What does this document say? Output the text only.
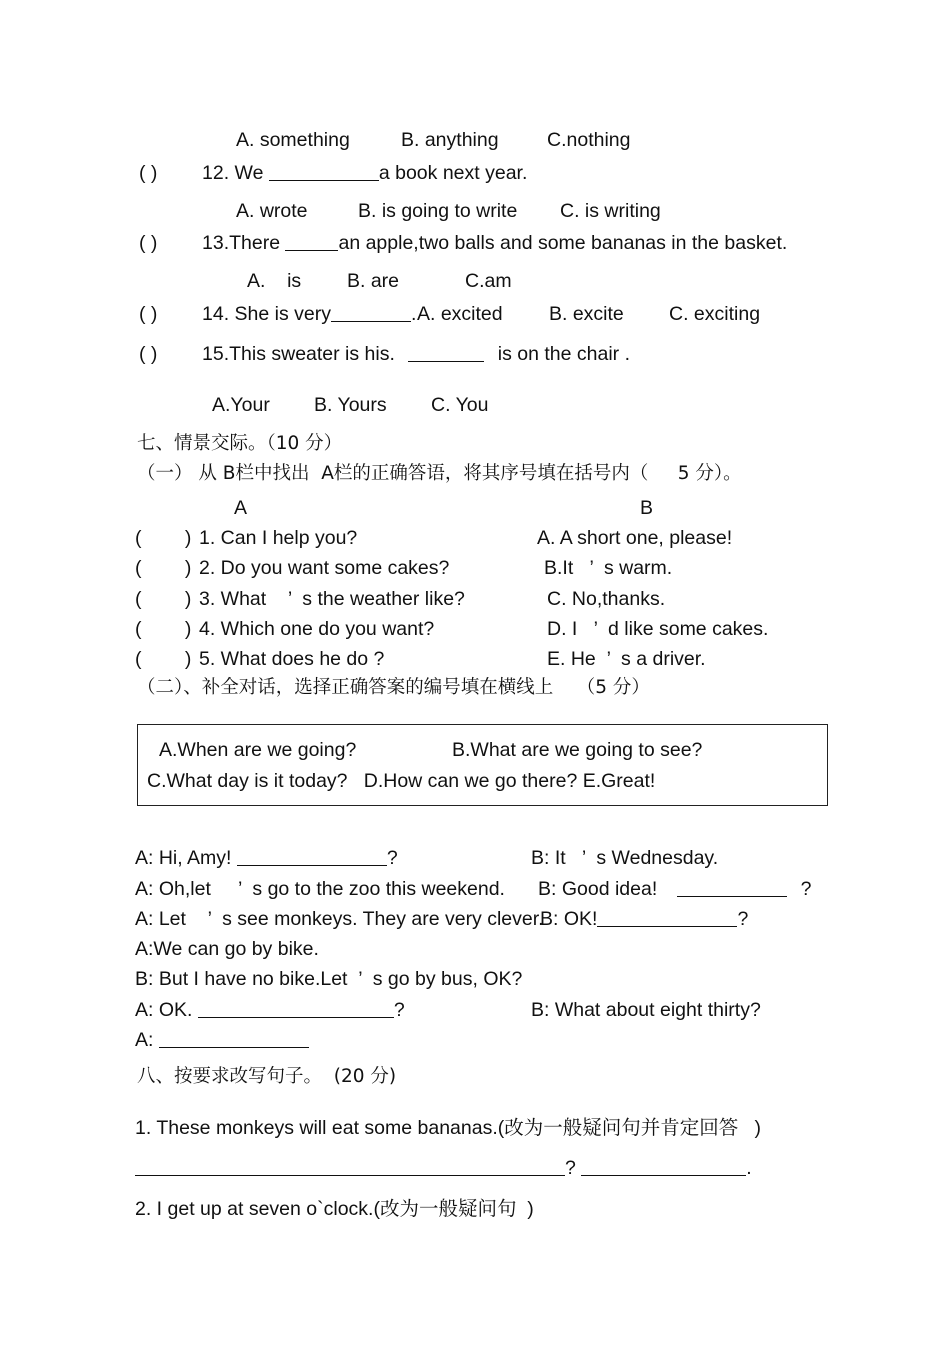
A. something	B. anything C.nothing
( ) 12. We	a book next year.
A. wrote	B. is going to write C. is writing
( ) 13.There	an apple,two balls and some bananas in the basket.
A.    is B. are	C.am
( ) 14. She is very	. A. excited B. excite C. exciting
( ) 15.This sweater is his.	is on the chair .
A.Your B. Yours C. You
七、情景交际。（10 分）
（一） 从 B栏中找出  A栏的正确答语，将其序号填在括号内（     5 分）。
A	B
(        ) 1. Can I help you?	A. A short one, please!
(        ) 2. Do you want some cakes?	B.It   ’  s warm.
(        ) 3. What    ’  s the weather like?	C. No,thanks.
(        ) 4. Which one do you want?	D. I   ’  d like some cakes.
(        ) 5. What does he do ?	E. He  ’  s a driver.
（二）、补全对话，选择正确答案的编号填在横线上    （5 分）
A.When are we going?	B.What are we going to see?
C.What day is it today?   D.How can we go there? E.Great!
A: Hi, Amy!	?	B: It   ’  s Wednesday.
A: Oh,let     ’  s go to the zoo this weekend. B: Good idea!	?
A: Let    ’  s see monkeys. They are very clever.
B: OK!	?
A:We can go by bike.
B: But I have no bike.Let  ’  s go by bus, OK?
A: OK.	?	B: What about eight thirty?
A:
八、按要求改写句子。  (20 分)
1. These monkeys will eat some bananas.(改为一般疑问句并肯定回答   )
?	.
2. I get up at seven o`clock.(改为一般疑问句  )
